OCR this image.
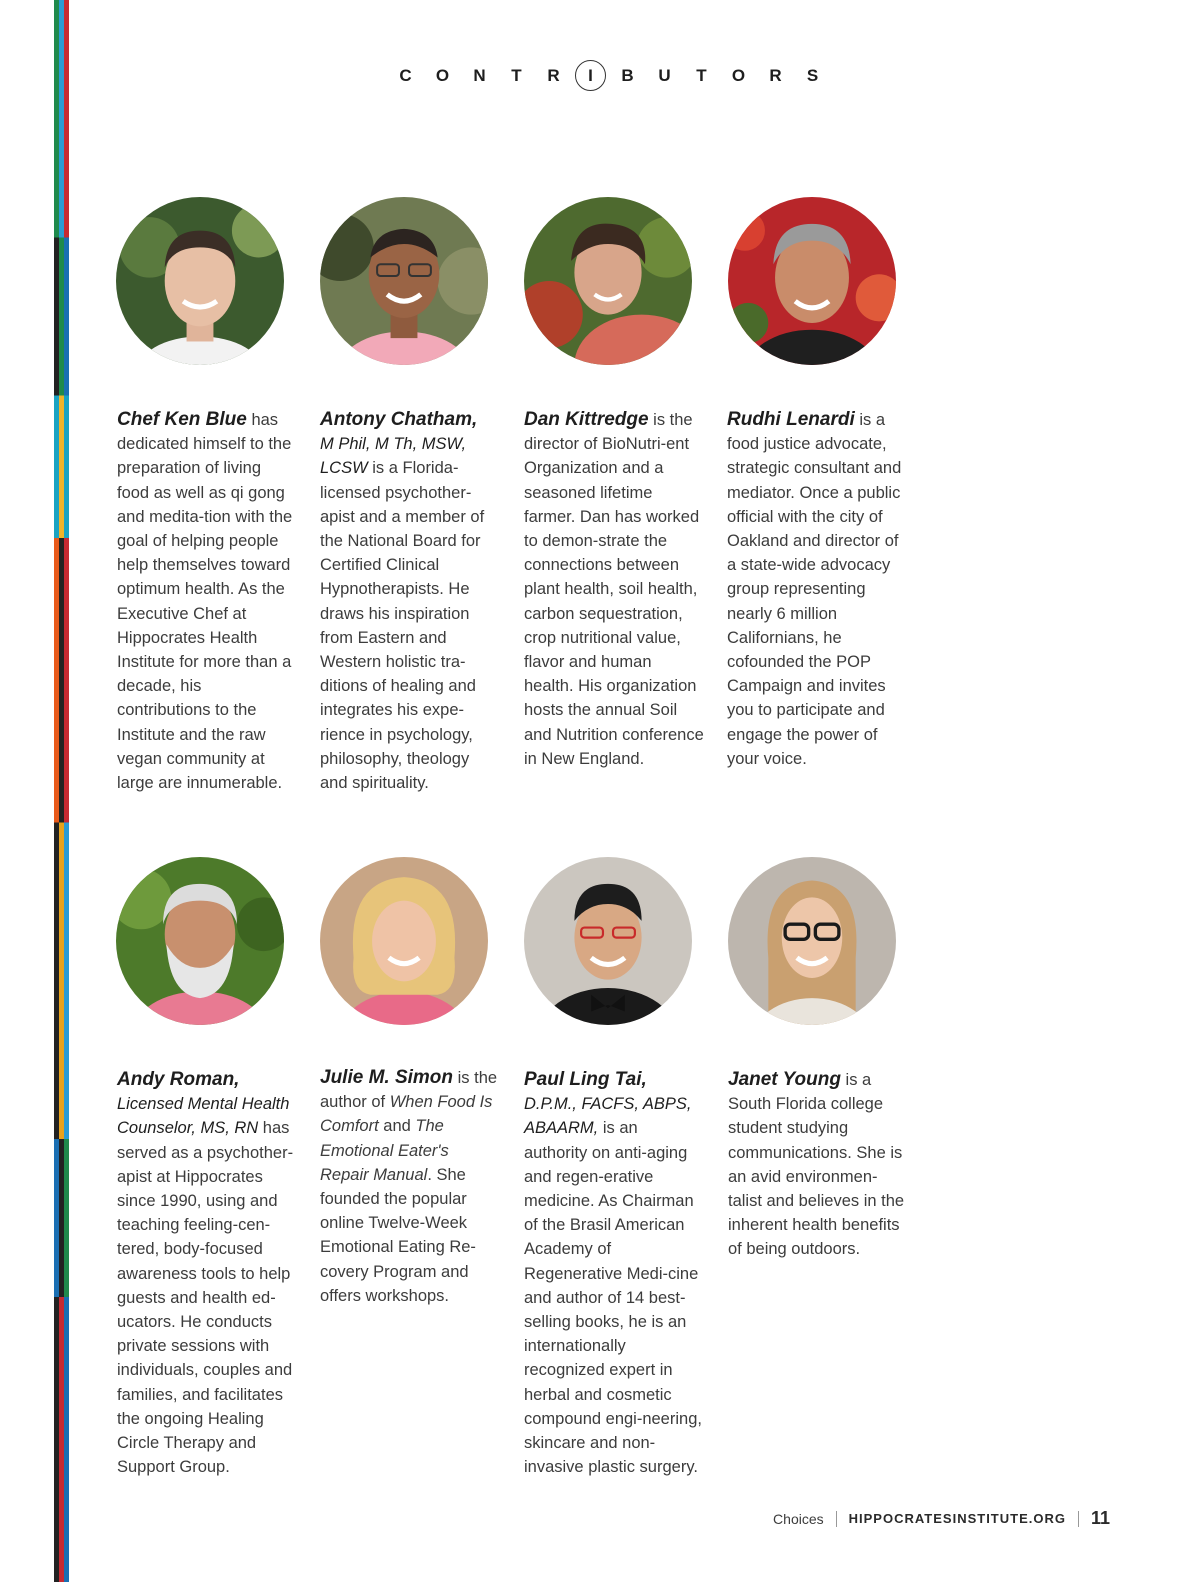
C	O	N	T	R	I	B	U	T	O	R	S
Chef Ken Blue has dedicated himself to the preparation of living food as well as qi gong and medita-tion with the goal of helping people help themselves toward optimum health. As the Executive Chef at Hippocrates Health Institute for more than a decade, his contributions to the Institute and the raw vegan community at large are innumerable.
Antony Chatham,
M Phil, M Th, MSW, LCSW is a Florida-licensed psychother-apist and a member of the National Board for Certified Clinical Hypnotherapists. He draws his inspiration from Eastern and Western holistic tra-ditions of healing and integrates his expe-rience in psychology, philosophy, theology and spirituality.
Dan Kittredge is the director of BioNutri-ent Organization and a seasoned lifetime farmer. Dan has worked to demon-strate the connections between plant health, soil health, carbon sequestration, crop nutritional value, flavor and human health. His organization hosts the annual Soil and Nutrition conference in New England.
Rudhi Lenardi is a food justice advocate, strategic consultant and mediator. Once a public official with the city of Oakland and director of a state-wide advocacy group representing nearly 6 million Californians, he cofounded the POP Campaign and invites you to participate and engage the power of your voice.
Andy Roman,
Licensed Mental Health Counselor, MS, RN has served as a psychother-apist at Hippocrates since 1990, using and teaching feeling-cen-tered, body-focused awareness tools to help guests and health ed-ucators. He conducts private sessions with individuals, couples and families, and facilitates the ongoing Healing Circle Therapy and Support Group.
Julie M. Simon is the author of When Food Is Comfort and The Emotional Eater's Repair Manual. She founded the popular online Twelve-Week Emotional Eating Re-covery Program and offers workshops.
Paul Ling Tai, D.P.M., FACFS, ABPS, ABAARM, is an authority on anti-aging and regen-erative medicine. As Chairman of the Brasil American Academy of Regenerative Medi-cine and author of 14 best-selling books, he is an internationally recognized expert in herbal and cosmetic compound engi-neering, skincare and non-invasive plastic surgery.
Janet Young is a South Florida college student studying communications. She is an avid environmen-talist and believes in the inherent health benefits of being outdoors.
Choices HIPPOCRATESINSTITUTE.ORG 11
